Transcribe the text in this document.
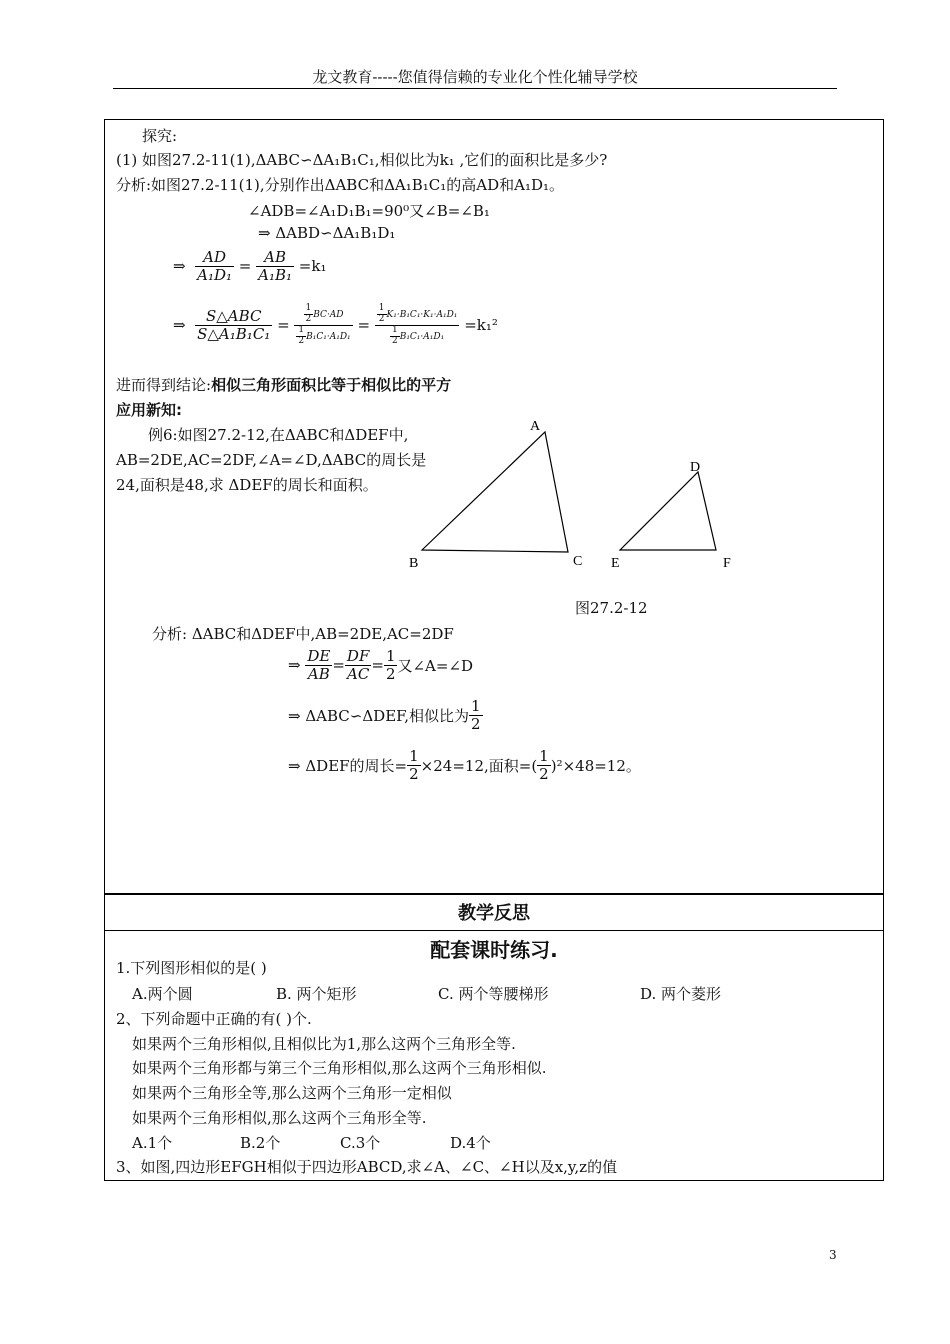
龙文教育-----您值得信赖的专业化个性化辅导学校
探究:
(1) 如图27.2-11(1),ΔABC∽ΔA₁B₁C₁,相似比为k₁ ,它们的面积比是多少?
分析:如图27.2-11(1),分别作出ΔABC和ΔA₁B₁C₁的高AD和A₁D₁。
∠ADB=∠A₁D₁B₁=90⁰又∠B=∠B₁
⇒ ΔABD∽ΔA₁B₁D₁
⇒
$\frac{AD}{\text{A₁D₁}} = \frac{AB}{\text{A₁B₁}}$
=k₁
⇒
$\frac{\text{S△ABC}}{\text{S△A₁B₁C₁}} = \frac{\frac{1}{2} BC\cdot AD}{\frac{1}{2} B_1C_1\cdot A_1D_1} = \frac{\frac{1}{2} K_1\cdot B_1C_1\cdot K_1\cdot A_1D_1}{\frac{1}{2} B_1C_1\cdot A_1D_1}$
=k₁²
进而得到结论:相似三角形面积比等于相似比的平方
应用新知:
例6:如图27.2-12,在ΔABC和ΔDEF中,
AB=2DE,AC=2DF,∠A=∠D,ΔABC的周长是
24,面积是48,求 ΔDEF的周长和面积。
A
B	C
D
E	F
图27.2-12
分析: ΔABC和ΔDEF中,AB=2DE,AC=2DF
⇒
$\frac{DE}{AB} = \frac{DF}{AC} = \frac{1}{2}$ 又∠A=∠D
⇒ ΔABC∽ΔDEF,相似比为 $\frac{1}{2}$
⇒ ΔDEF的周长= $\frac{1}{2} \times 24=12$,面积=( $\frac{1}{2} )^2\times 48=12$。
教学反思
配套课时练习.
1.下列图形相似的是( )
A.两个圆	B. 两个矩形	C. 两个等腰梯形	D. 两个菱形
2、下列命题中正确的有( )个.
如果两个三角形相似,且相似比为1,那么这两个三角形全等.
如果两个三角形都与第三个三角形相似,那么这两个三角形相似.
如果两个三角形全等,那么这两个三角形一定相似
如果两个三角形相似,那么这两个三角形全等.
A.1个	B.2个	C.3个	D.4个
3、如图,四边形EFGH相似于四边形ABCD,求∠A、∠C、∠H以及x,y,z的值
3
